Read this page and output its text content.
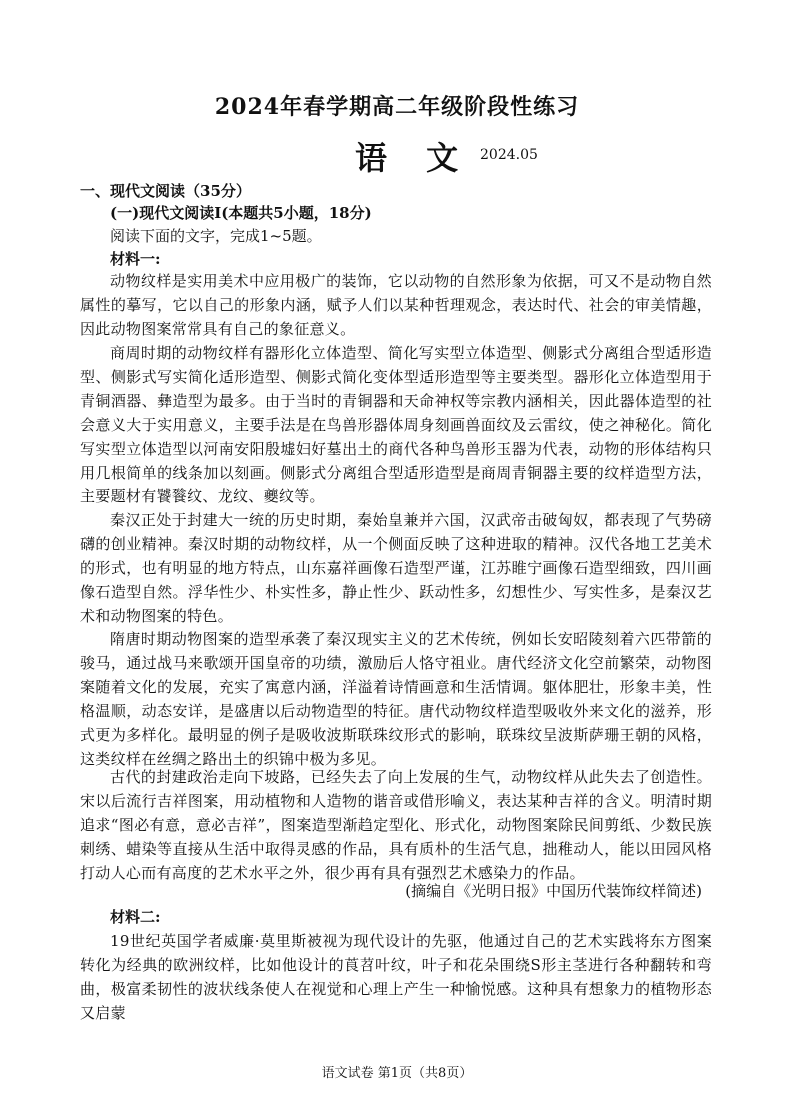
2024年春学期高二年级阶段性练习
语 文 2024.05
一、现代文阅读（35分）
(一)现代文阅读Ⅰ(本题共5小题，18分)
阅读下面的文字，完成1~5题。
材料一:
动物纹样是实用美术中应用极广的装饰，它以动物的自然形象为依据，可又不是动物自然属性的摹写，它以自己的形象内涵，赋予人们以某种哲理观念，表达时代、社会的审美情趣，因此动物图案常常具有自己的象征意义。
商周时期的动物纹样有器形化立体造型、简化写实型立体造型、侧影式分离组合型适形造型、侧影式写实简化适形造型、侧影式简化变体型适形造型等主要类型。器形化立体造型用于青铜酒器、彝造型为最多。由于当时的青铜器和天命神权等宗教内涵相关，因此器体造型的社会意义大于实用意义，主要手法是在鸟兽形器体周身刻画兽面纹及云雷纹，使之神秘化。简化写实型立体造型以河南安阳殷墟妇好墓出土的商代各种鸟兽形玉器为代表，动物的形体结构只用几根简单的线条加以刻画。侧影式分离组合型适形造型是商周青铜器主要的纹样造型方法，主要题材有饕餮纹、龙纹、夔纹等。
秦汉正处于封建大一统的历史时期，秦始皇兼并六国，汉武帝击破匈奴，都表现了气势磅礴的创业精神。秦汉时期的动物纹样，从一个侧面反映了这种进取的精神。汉代各地工艺美术的形式，也有明显的地方特点，山东嘉祥画像石造型严谨，江苏睢宁画像石造型细致，四川画像石造型自然。浮华性少、朴实性多，静止性少、跃动性多，幻想性少、写实性多，是秦汉艺术和动物图案的特色。
隋唐时期动物图案的造型承袭了秦汉现实主义的艺术传统，例如长安昭陵刻着六匹带箭的骏马，通过战马来歌颂开国皇帝的功绩，激励后人恪守祖业。唐代经济文化空前繁荣，动物图案随着文化的发展，充实了寓意内涵，洋溢着诗情画意和生活情调。躯体肥壮，形象丰美，性格温顺，动态安详，是盛唐以后动物造型的特征。唐代动物纹样造型吸收外来文化的滋养，形式更为多样化。最明显的例子是吸收波斯联珠纹形式的影响，联珠纹呈波斯萨珊王朝的风格，这类纹样在丝绸之路出土的织锦中极为多见。
古代的封建政治走向下坡路，已经失去了向上发展的生气，动物纹样从此失去了创造性。宋以后流行吉祥图案，用动植物和人造物的谐音或借形喻义，表达某种吉祥的含义。明清时期追求“图必有意，意必吉祥”，图案造型渐趋定型化、形式化，动物图案除民间剪纸、少数民族刺绣、蜡染等直接从生活中取得灵感的作品，具有质朴的生活气息，拙稚动人，能以田园风格打动人心而有高度的艺术水平之外，很少再有具有强烈艺术感染力的作品。
(摘编自《光明日报》中国历代装饰纹样简述)
材料二:
19世纪英国学者威廉·莫里斯被视为现代设计的先驱，他通过自己的艺术实践将东方图案转化为经典的欧洲纹样，比如他设计的莨苕叶纹，叶子和花朵围绕S形主茎进行各种翻转和弯曲，极富柔韧性的波状线条使人在视觉和心理上产生一种愉悦感。这种具有想象力的植物形态又启蒙
语文试卷 第1页（共8页）
